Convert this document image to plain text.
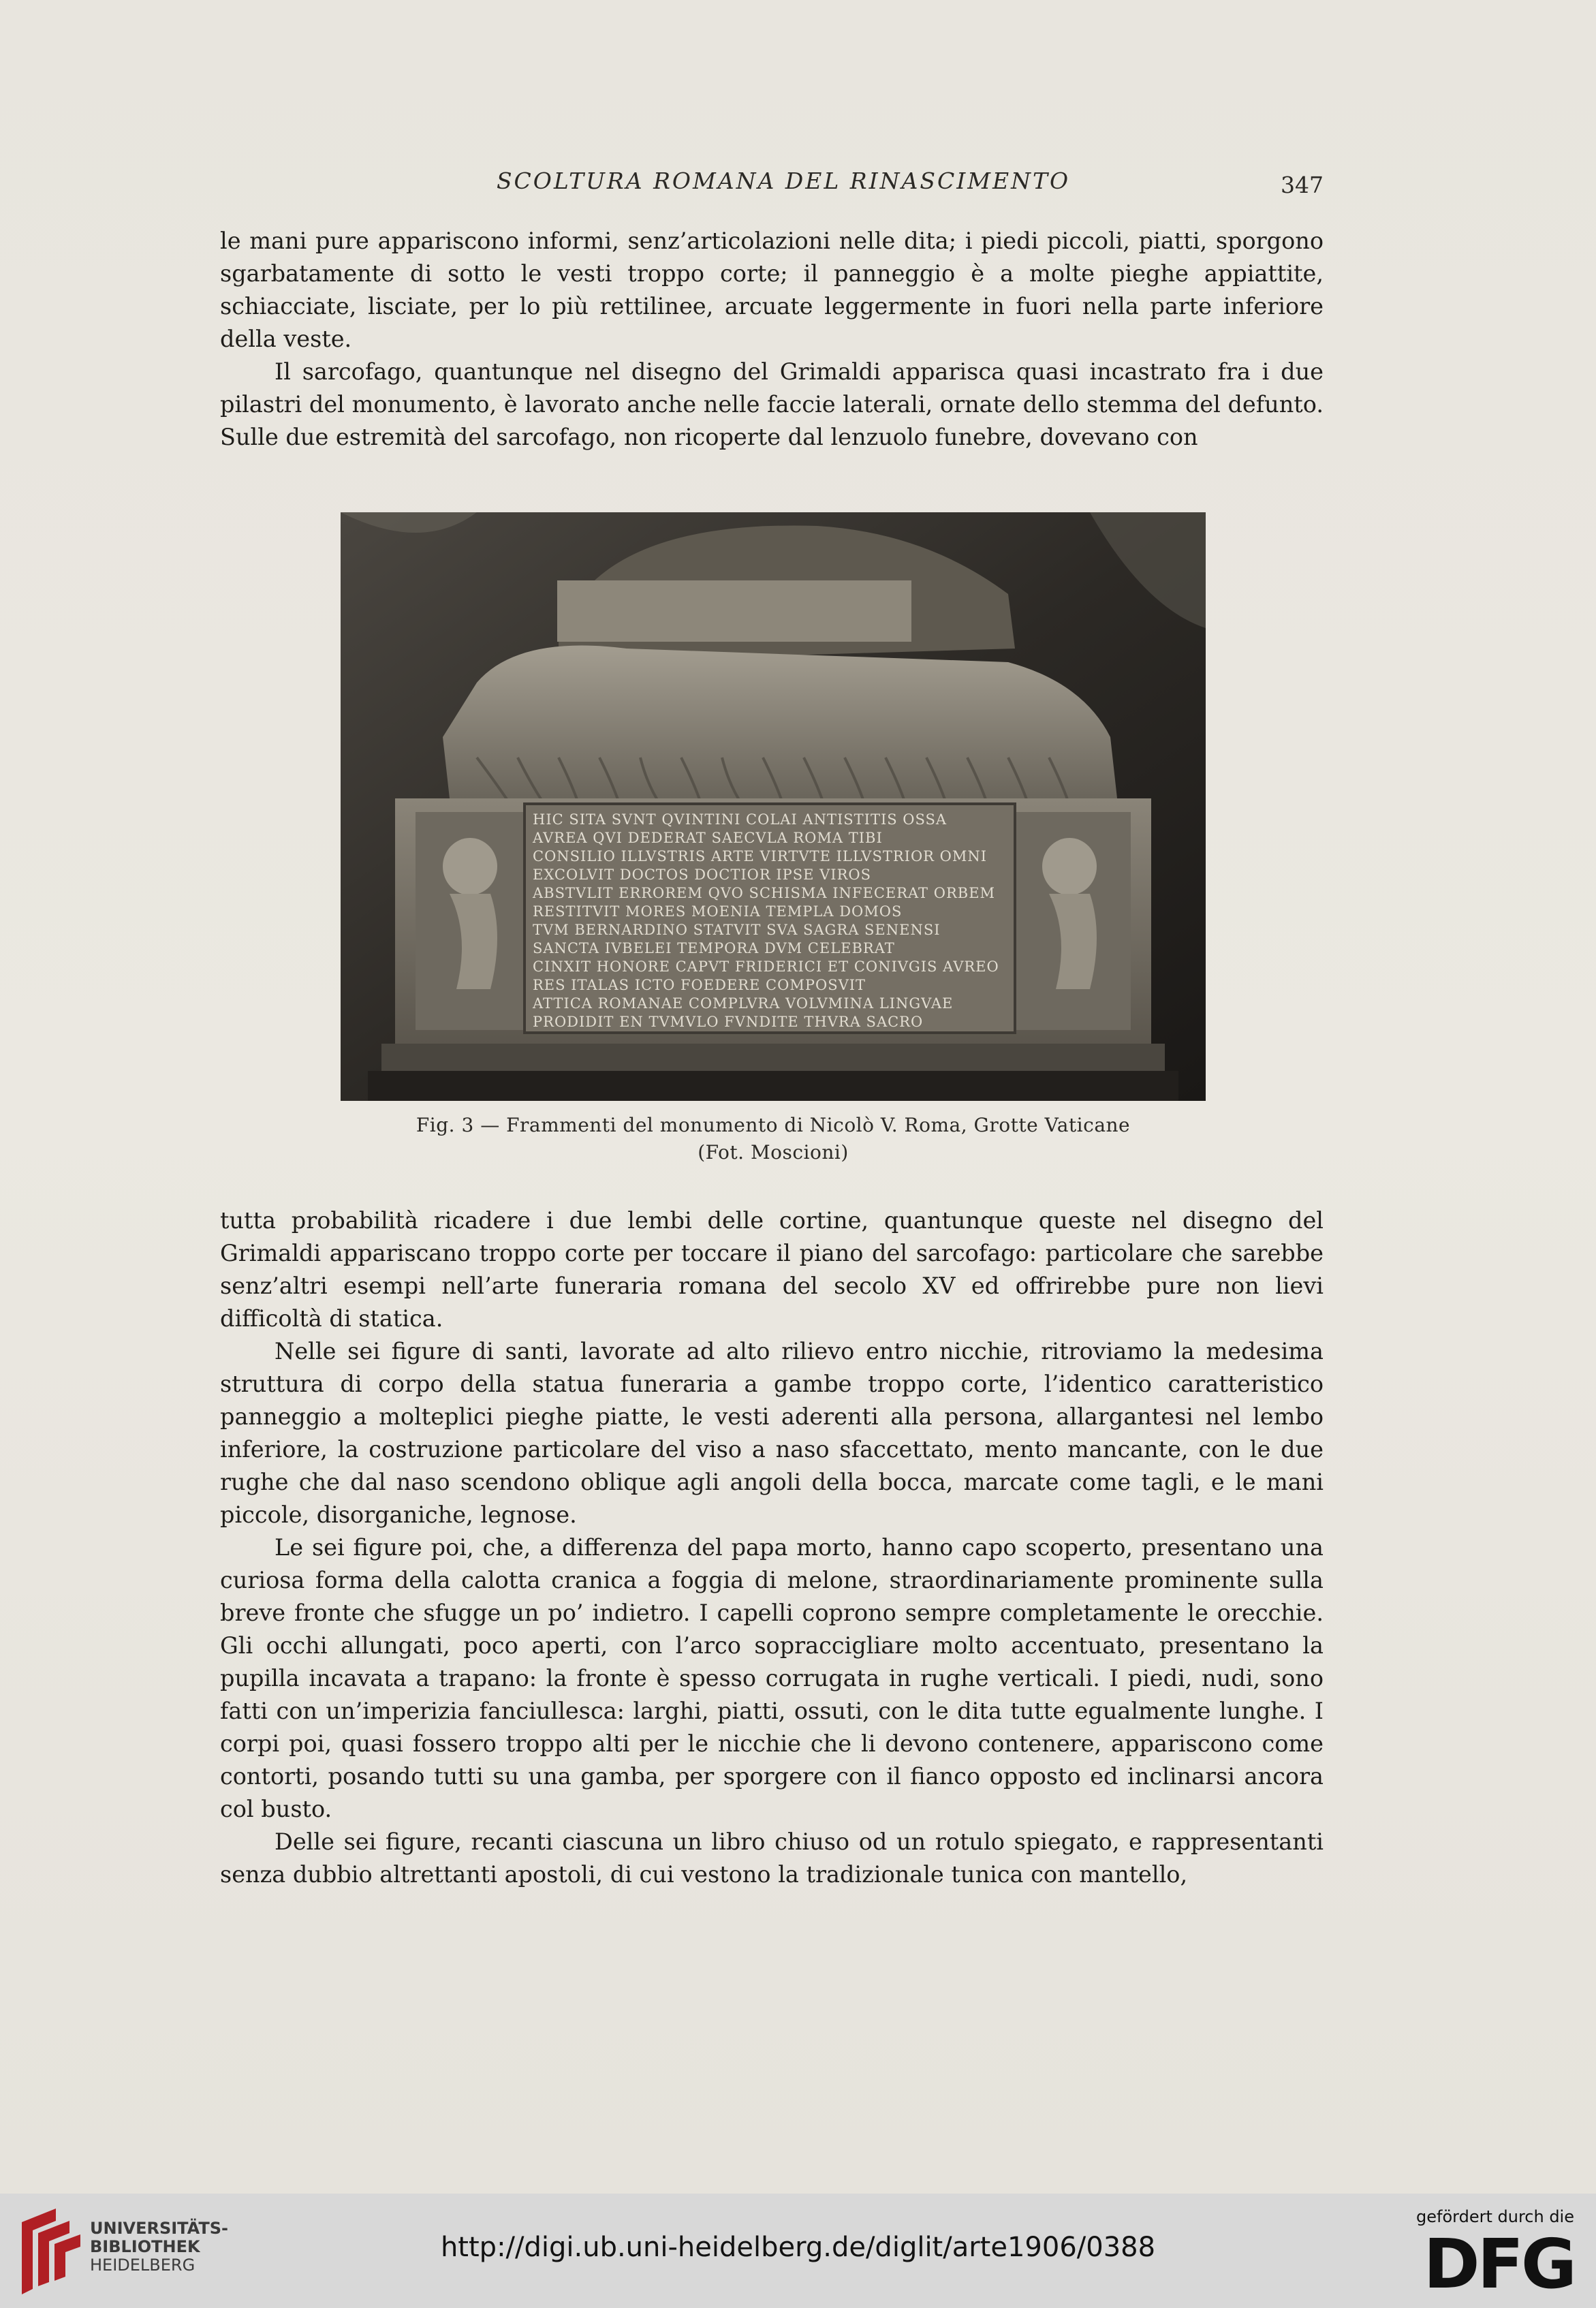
SCOLTURA ROMANA DEL RINASCIMENTO	347

le mani pure appariscono informi, senz’articolazioni nelle dita; i piedi piccoli, piatti, sporgono sgarbatamente di sotto le vesti troppo corte; il panneggio è a molte pieghe appiattite, schiacciate, lisciate, per lo più rettilinee, arcuate leggermente in fuori nella parte inferiore della veste.

Il sarcofago, quantunque nel disegno del Grimaldi apparisca quasi incastrato fra i due pilastri del monumento, è lavorato anche nelle faccie laterali, ornate dello stemma del defunto. Sulle due estremità del sarcofago, non ricoperte dal lenzuolo funebre, dovevano con

HIC SITA SVNT QVINTINI COLAI ANTISTITIS OSSA
AVREA QVI DEDERAT SAECVLA ROMA TIBI
CONSILIO ILLVSTRIS ARTE VIRTVTE ILLVSTRIOR OMNI
EXCOLVIT DOCTOS DOCTIOR IPSE VIROS
ABSTVLIT ERROREM QVO SCHISMA INFECERAT ORBEM
RESTITVIT MORES MOENIA TEMPLA DOMOS
TVM BERNARDINO STATVIT SVA SAGRA SENENSI
SANCTA IVBELEI TEMPORA DVM CELEBRAT
CINXIT HONORE CAPVT FRIDERICI ET CONIVGIS AVREO
RES ITALAS ICTO FOEDERE COMPOSVIT
ATTICA ROMANAE COMPLVRA VOLVMINA LINGVAE
PRODIDIT EN TVMVLO FVNDITE THVRA SACRO
Fig. 3 — Frammenti del monumento di Nicolò V. Roma, Grotte Vaticane
(Fot. Moscioni)

tutta probabilità ricadere i due lembi delle cortine, quantunque queste nel disegno del Grimaldi appariscano troppo corte per toccare il piano del sarcofago: particolare che sarebbe senz’altri esempi nell’arte funeraria romana del secolo XV ed offrirebbe pure non lievi difficoltà di statica.

Nelle sei figure di santi, lavorate ad alto rilievo entro nicchie, ritroviamo la medesima struttura di corpo della statua funeraria a gambe troppo corte, l’identico caratteristico panneggio a molteplici pieghe piatte, le vesti aderenti alla persona, allargantesi nel lembo inferiore, la costruzione particolare del viso a naso sfaccettato, mento mancante, con le due rughe che dal naso scendono oblique agli angoli della bocca, marcate come tagli, e le mani piccole, disorganiche, legnose.

Le sei figure poi, che, a differenza del papa morto, hanno capo scoperto, presentano una curiosa forma della calotta cranica a foggia di melone, straordinariamente prominente sulla breve fronte che sfugge un po’ indietro. I capelli coprono sempre completamente le orecchie. Gli occhi allungati, poco aperti, con l’arco sopraccigliare molto accentuato, presentano la pupilla incavata a trapano: la fronte è spesso corrugata in rughe verticali. I piedi, nudi, sono fatti con un’imperizia fanciullesca: larghi, piatti, ossuti, con le dita tutte egualmente lunghe. I corpi poi, quasi fossero troppo alti per le nicchie che li devono contenere, appariscono come contorti, posando tutti su una gamba, per sporgere con il fianco opposto ed inclinarsi ancora col busto.

Delle sei figure, recanti ciascuna un libro chiuso od un rotulo spiegato, e rappresentanti senza dubbio altrettanti apostoli, di cui vestono la tradizionale tunica con mantello,

UNIVERSITÄTS-
BIBLIOTHEK
HEIDELBERG
http://digi.ub.uni-heidelberg.de/diglit/arte1906/0388
gefördert durch die
DFG
